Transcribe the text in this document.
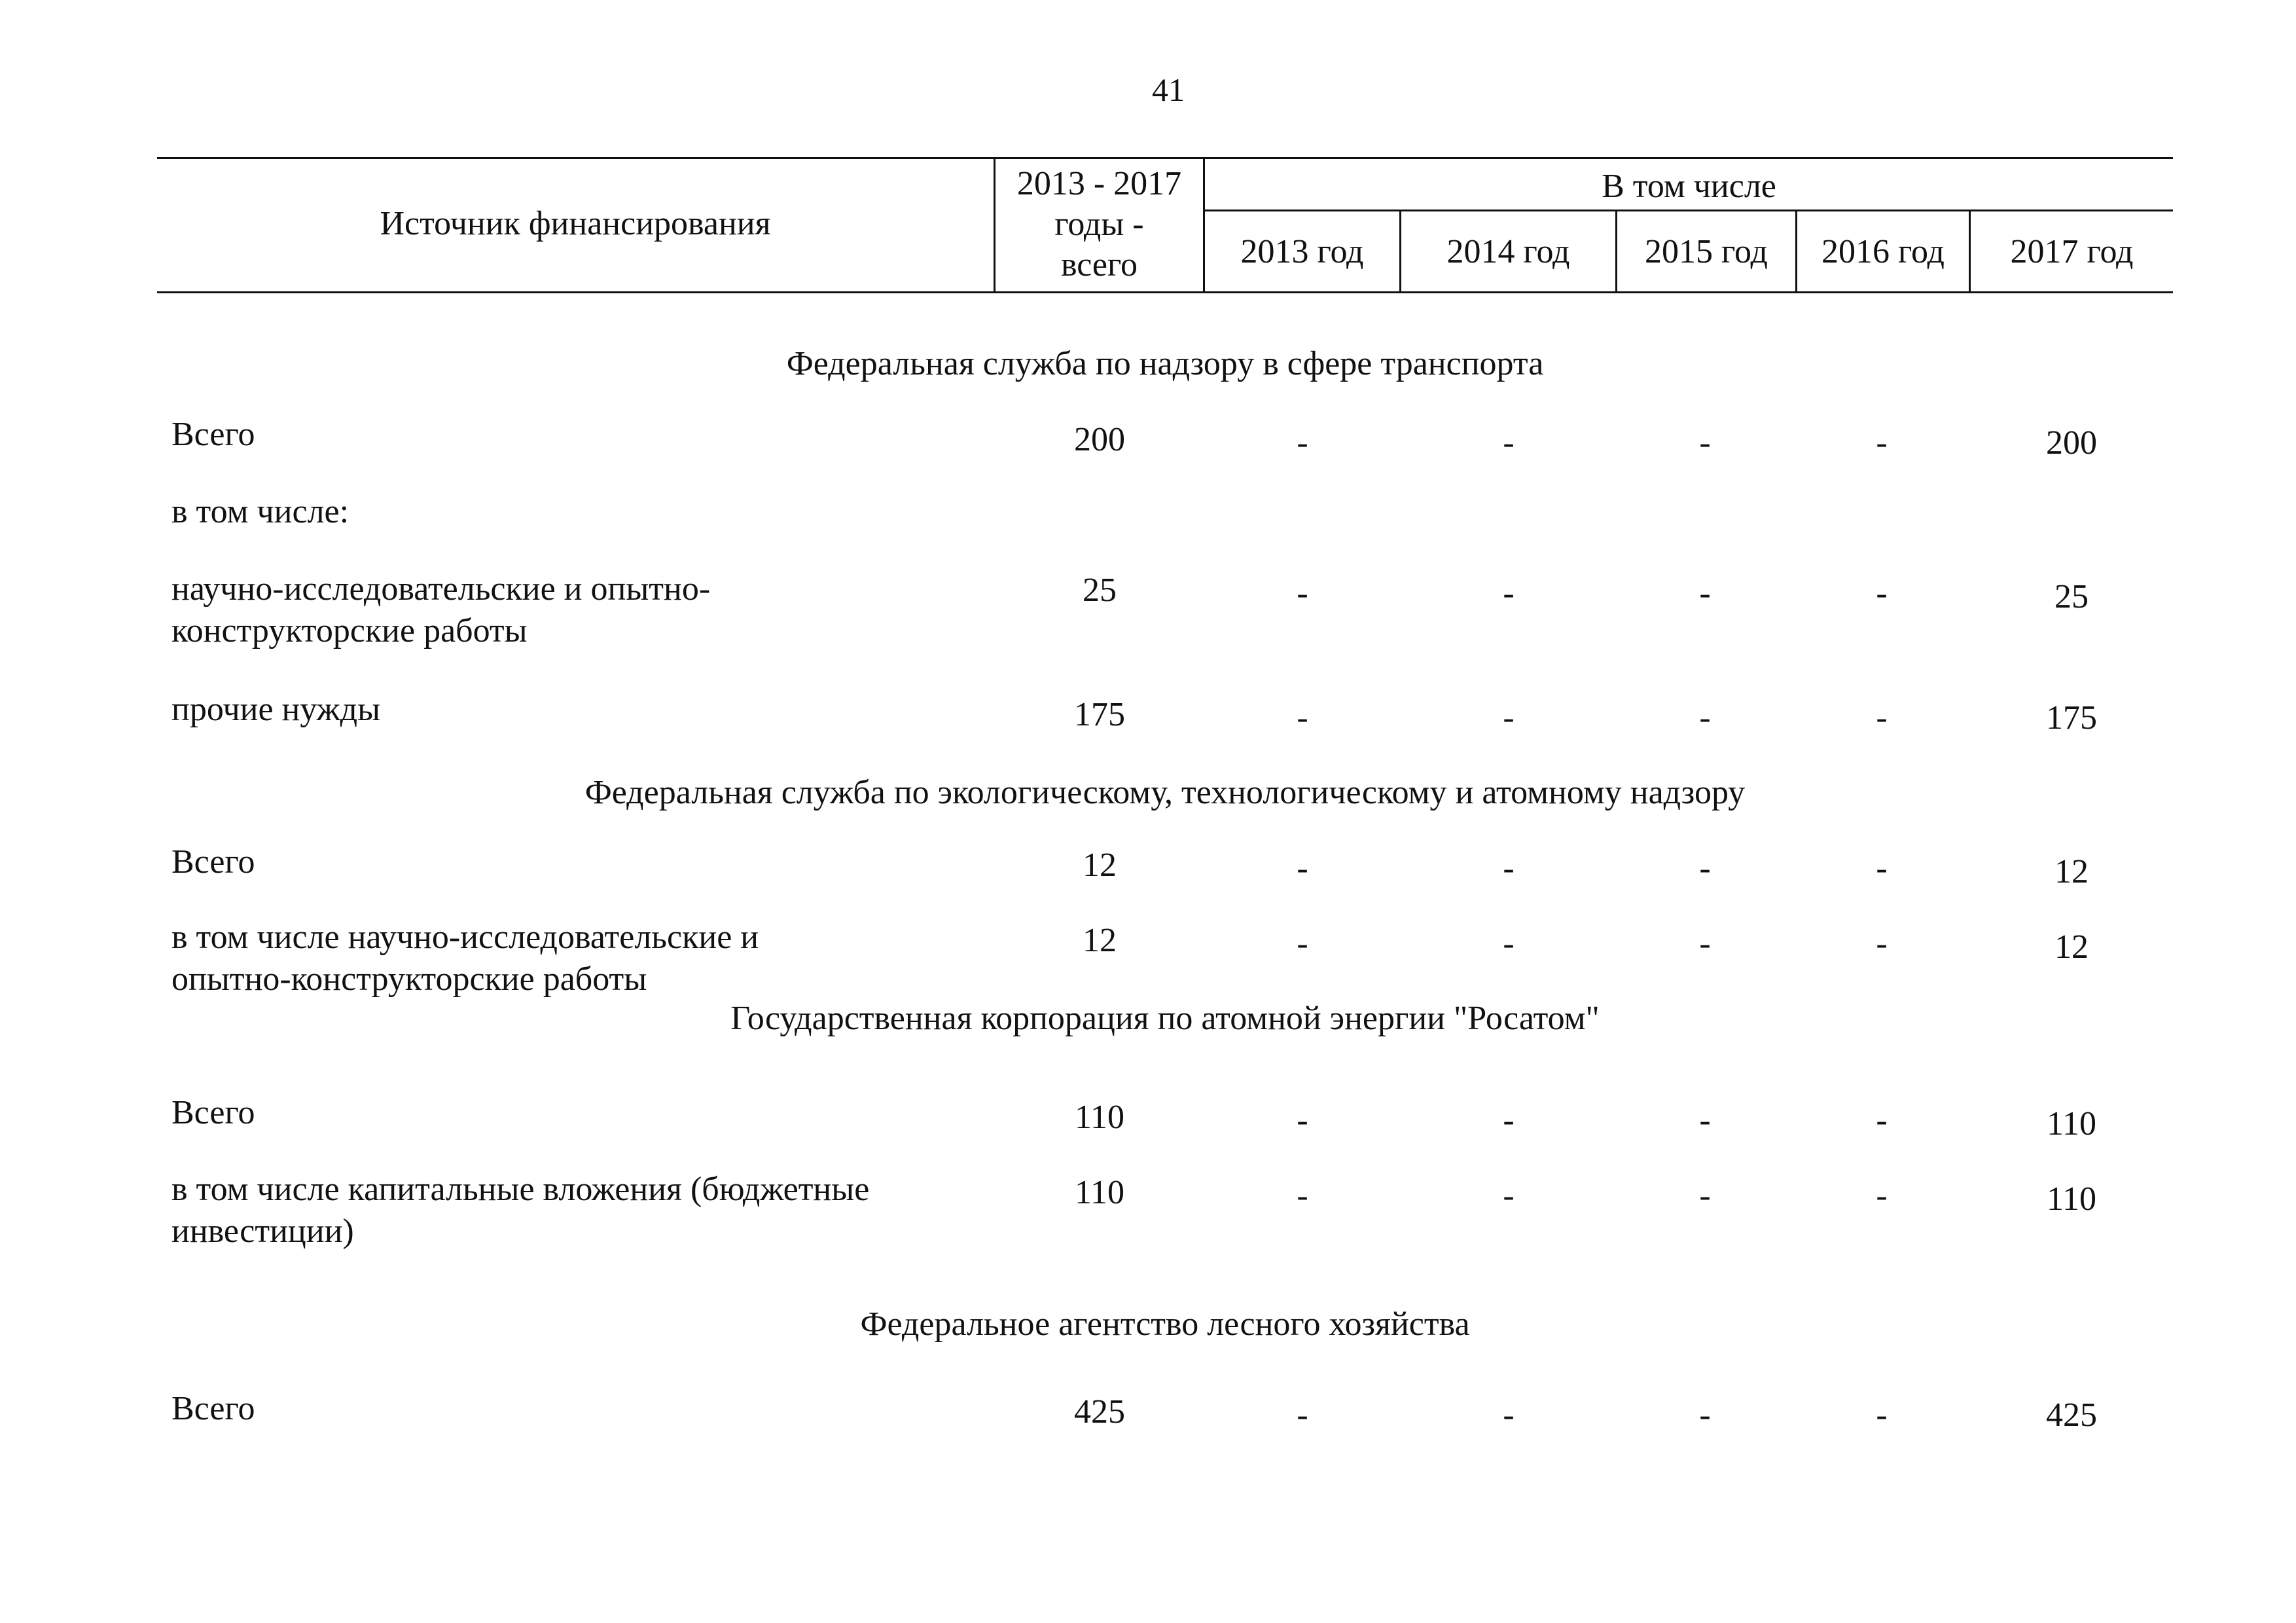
41
Источник финансирования
2013 - 2017
годы -
всего
В том числе
2013 год	2014 год	2015 год	2016 год	2017 год
Федеральная служба по надзору в сфере транспорта
Всего	200	-	-	-	-	200
в том числе:
научно-исследовательские и опытно-
конструкторские работы
25	-	-	-	-	25
прочие нужды	175	-	-	-	-	175
Федеральная служба по экологическому, технологическому и атомному надзору
Всего	12	-	-	-	-	12
в том числе научно-исследовательские и
опытно-конструкторские работы
12	-	-	-	-	12
Государственная корпорация по атомной энергии "Росатом"
Всего	110	-	-	-	-	110
в том числе капитальные вложения (бюджетные
инвестиции)
110	-	-	-	-	110
Федеральное агентство лесного хозяйства
Всего	425	-	-	-	-	425
